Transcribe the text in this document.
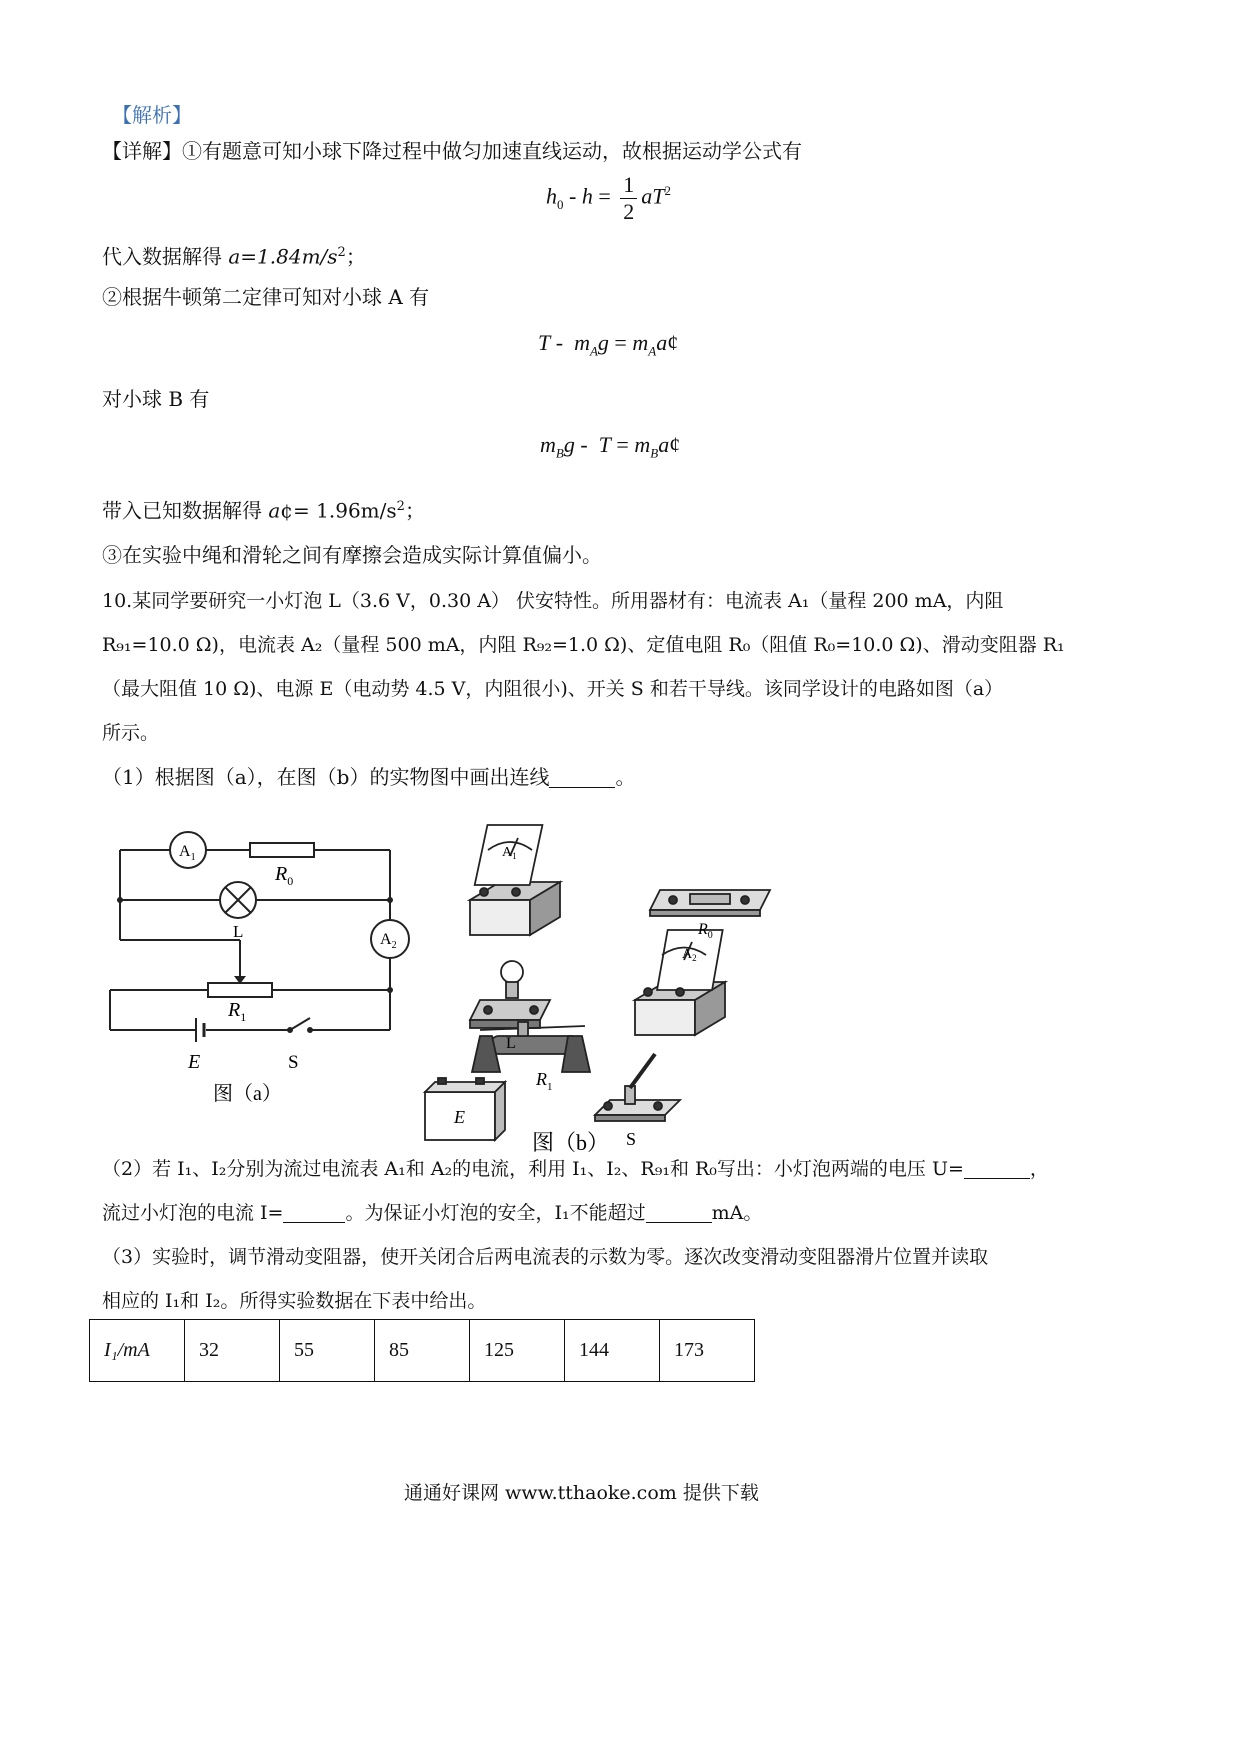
【解析】
【详解】①有题意可知小球下降过程中做匀加速直线运动，故根据运动学公式有
$h_0 - h = \frac{1}{2} aT^2$
代入数据解得 $a=1.84m/s^2$；
②根据牛顿第二定律可知对小球 A 有
T -  $m_Ag$ = $m_Aa¢$
对小球 B 有
$m_Bg$ -  $T = m_Ba¢$
带入已知数据解得 a¢= $1.96m/s^2$；
③在实验中绳和滑轮之间有摩擦会造成实际计算值偏小。
10.某同学要研究一小灯泡 L（3.6 V，0.30 A） 伏安特性。所用器材有：电流表 A₁（量程 200 mA，内阻
R₉₁=10.0 Ω)，电流表 A₂（量程 500 mA，内阻 R₉₂=1.0 Ω)、定值电阻 R₀（阻值 R₀=10.0 Ω)、滑动变阻器 R₁
（最大阻值 10 Ω)、电源 E（电动势 4.5 V，内阻很小)、开关 S 和若干导线。该同学设计的电路如图（a）
所示。
（1）根据图（a），在图（b）的实物图中画出连线	。
$A_1$
$R_0$
L	$A_2$
$R_1$
E	S
图（a）
$A_1$
$R_0$
L
$A_2$
$R_1$
E
S
图（b）
（2）若 I₁、I₂分别为流过电流表 A₁和 A₂的电流，利用 I₁、I₂、R₉₁和 R₀写出：小灯泡两端的电压 U=	，
流过小灯泡的电流 I=	。为保证小灯泡的安全，I₁不能超过	mA。
（3）实验时，调节滑动变阻器，使开关闭合后两电流表的示数为零。逐次改变滑动变阻器滑片位置并读取
相应的 I₁和 I₂。所得实验数据在下表中给出。
I₁/mA	32	55	85	125	144	173
通通好课网 www.tthaoke.com 提供下载
